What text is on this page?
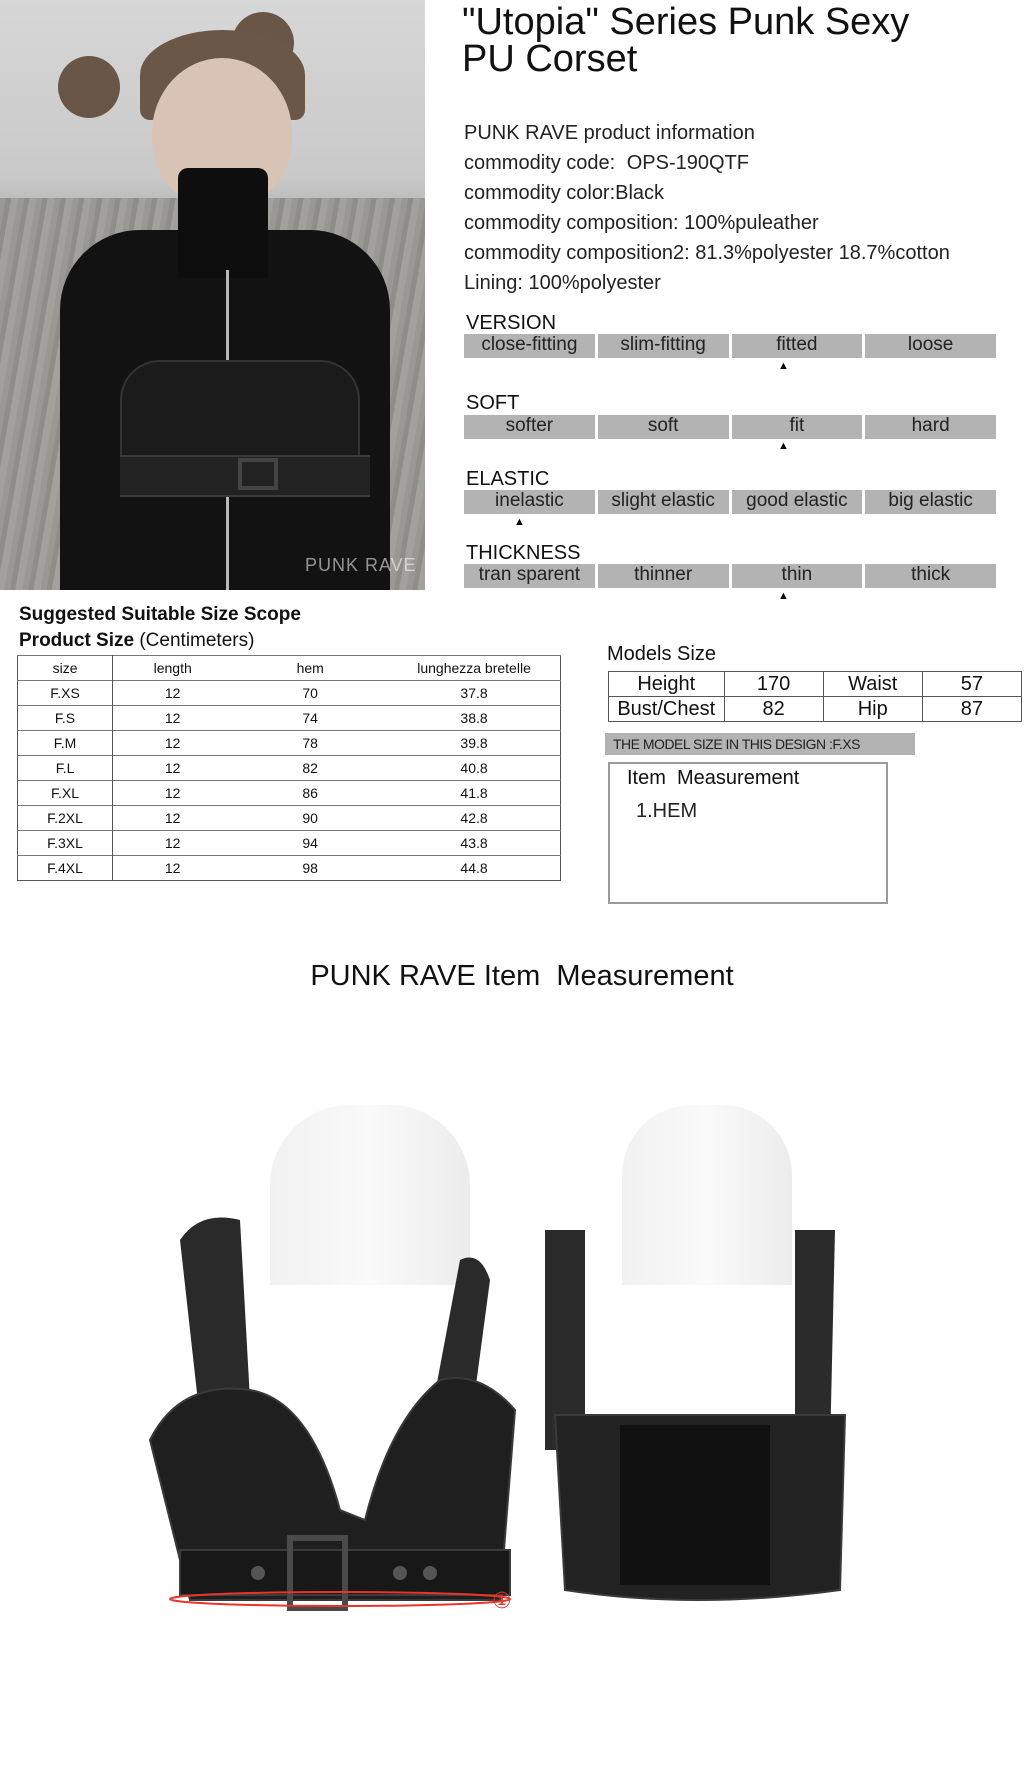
PUNK RAVE
"Utopia" Series Punk Sexy
PU Corset
PUNK RAVE product information
commodity code: OPS-190QTF
commodity color:Black
commodity composition: 100%puleather
commodity composition2: 81.3%polyester 18.7%cotton
Lining: 100%polyester
VERSION
close-fitting	slim-fitting	fitted	loose
▲
SOFT
softer	soft	fit	hard
▲
ELASTIC
inelastic	slight elastic	good elastic	big elastic
▲
THICKNESS
tran sparent	thinner	thin	thick
▲
Suggested Suitable Size Scope
Product Size (Centimeters)
size	length	hem	lunghezza bretelle
F.XS	12	70	37.8
F.S	12	74	38.8
F.M	12	78	39.8
F.L	12	82	40.8
F.XL	12	86	41.8
F.2XL	12	90	42.8
F.3XL	12	94	43.8
F.4XL	12	98	44.8
Models Size
Height	170	Waist	57
Bust/Chest	82	Hip	87
THE MODEL SIZE IN THIS DESIGN :F.XS
Item  Measurement
1.HEM
PUNK RAVE Item  Measurement
①
